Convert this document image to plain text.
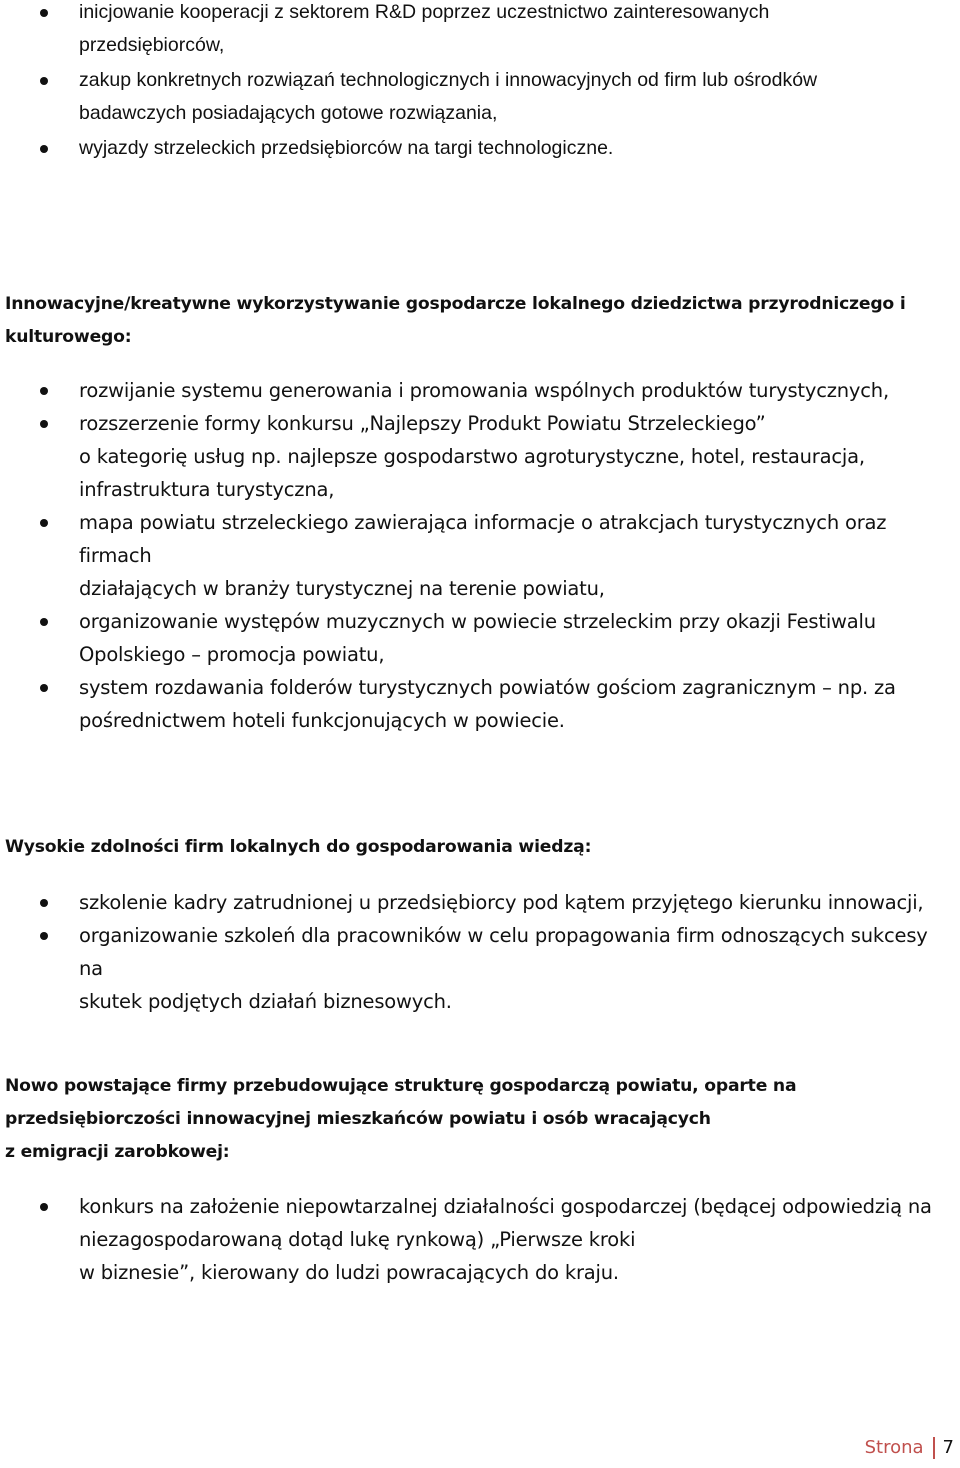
inicjowanie kooperacji z sektorem R&D poprzez uczestnictwo zainteresowanych
przedsiębiorców,
zakup konkretnych rozwiązań technologicznych i innowacyjnych od firm lub ośrodków
badawczych posiadających gotowe rozwiązania,
wyjazdy strzeleckich przedsiębiorców na targi technologiczne.
Innowacyjne/kreatywne wykorzystywanie gospodarcze lokalnego dziedzictwa przyrodniczego i
kulturowego:
rozwijanie systemu generowania i promowania wspólnych produktów turystycznych,
rozszerzenie formy konkursu „Najlepszy Produkt Powiatu Strzeleckiego”
o kategorię usług np. najlepsze gospodarstwo agroturystyczne, hotel, restauracja,
infrastruktura turystyczna,
mapa powiatu strzeleckiego zawierająca informacje o atrakcjach turystycznych oraz firmach
działających w branży turystycznej na terenie powiatu,
organizowanie występów muzycznych w powiecie strzeleckim przy okazji Festiwalu
Opolskiego – promocja powiatu,
system rozdawania folderów turystycznych powiatów gościom zagranicznym – np. za
pośrednictwem hoteli funkcjonujących w powiecie.
Wysokie zdolności firm lokalnych do gospodarowania wiedzą:
szkolenie kadry zatrudnionej u przedsiębiorcy pod kątem przyjętego kierunku innowacji,
organizowanie szkoleń dla pracowników w celu propagowania firm odnoszących sukcesy na
skutek podjętych działań biznesowych.
Nowo powstające firmy przebudowujące strukturę gospodarczą powiatu, oparte na
przedsiębiorczości innowacyjnej mieszkańców powiatu i osób wracających
z emigracji zarobkowej:
konkurs na założenie niepowtarzalnej działalności gospodarczej (będącej odpowiedzią na
niezagospodarowaną dotąd lukę rynkową) „Pierwsze kroki
w biznesie”, kierowany do ludzi powracających do kraju.
Strona 7
